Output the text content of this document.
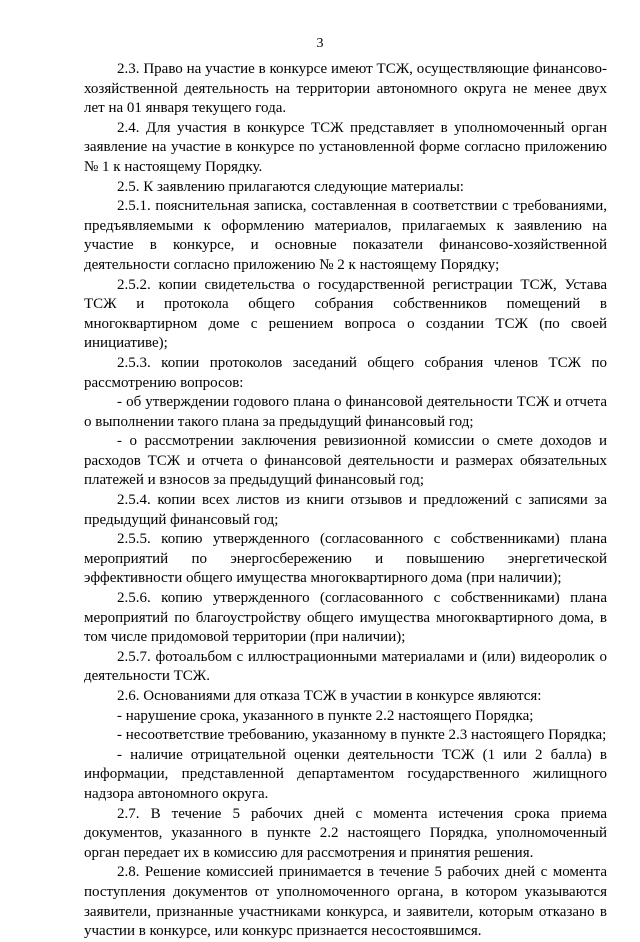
3

2.3. Право на участие в конкурсе имеют ТСЖ, осуществляющие финансово-хозяйственной деятельность на территории автономного округа не менее двух лет на 01 января текущего года.

2.4. Для участия в конкурсе ТСЖ представляет в уполномоченный орган заявление на участие в конкурсе по установленной форме согласно приложению № 1 к настоящему Порядку.

2.5. К заявлению прилагаются следующие материалы:

2.5.1. пояснительная записка, составленная в соответствии с требованиями, предъявляемыми к оформлению материалов, прилагаемых к заявлению на участие в конкурсе, и основные показатели финансово-хозяйственной деятельности согласно приложению № 2 к настоящему Порядку;

2.5.2. копии свидетельства о государственной регистрации ТСЖ, Устава ТСЖ и протокола общего собрания собственников помещений в многоквартирном доме с решением вопроса о создании ТСЖ (по своей инициативе);

2.5.3. копии протоколов заседаний общего собрания членов ТСЖ по рассмотрению вопросов:

- об утверждении годового плана о финансовой деятельности ТСЖ и отчета о выполнении такого плана за предыдущий финансовый год;

- о рассмотрении заключения ревизионной комиссии о смете доходов и расходов ТСЖ и отчета о финансовой деятельности и размерах обязательных платежей и взносов за предыдущий финансовый год;

2.5.4. копии всех листов из книги отзывов и предложений с записями за предыдущий финансовый год;

2.5.5. копию утвержденного (согласованного с собственниками) плана мероприятий по энергосбережению и повышению энергетической эффективности общего имущества многоквартирного дома (при наличии);

2.5.6. копию утвержденного (согласованного с собственниками) плана мероприятий по благоустройству общего имущества многоквартирного дома, в том числе придомовой территории (при наличии);

2.5.7. фотоальбом с иллюстрационными материалами и (или) видеоролик о деятельности ТСЖ.

2.6. Основаниями для отказа ТСЖ в участии в конкурсе являются:

- нарушение срока, указанного в пункте 2.2 настоящего Порядка;

- несоответствие требованию, указанному в пункте 2.3 настоящего Порядка;

- наличие отрицательной оценки деятельности ТСЖ (1 или 2 балла) в информации, представленной департаментом государственного жилищного надзора автономного округа.

2.7. В течение 5 рабочих дней с момента истечения срока приема документов, указанного в пункте 2.2 настоящего Порядка, уполномоченный орган передает их в комиссию для рассмотрения и принятия решения.

2.8. Решение комиссией принимается в течение 5 рабочих дней с момента поступления документов от уполномоченного органа, в котором указываются заявители, признанные участниками конкурса, и заявители, которым отказано в участии в конкурсе, или конкурс признается несостоявшимся.
